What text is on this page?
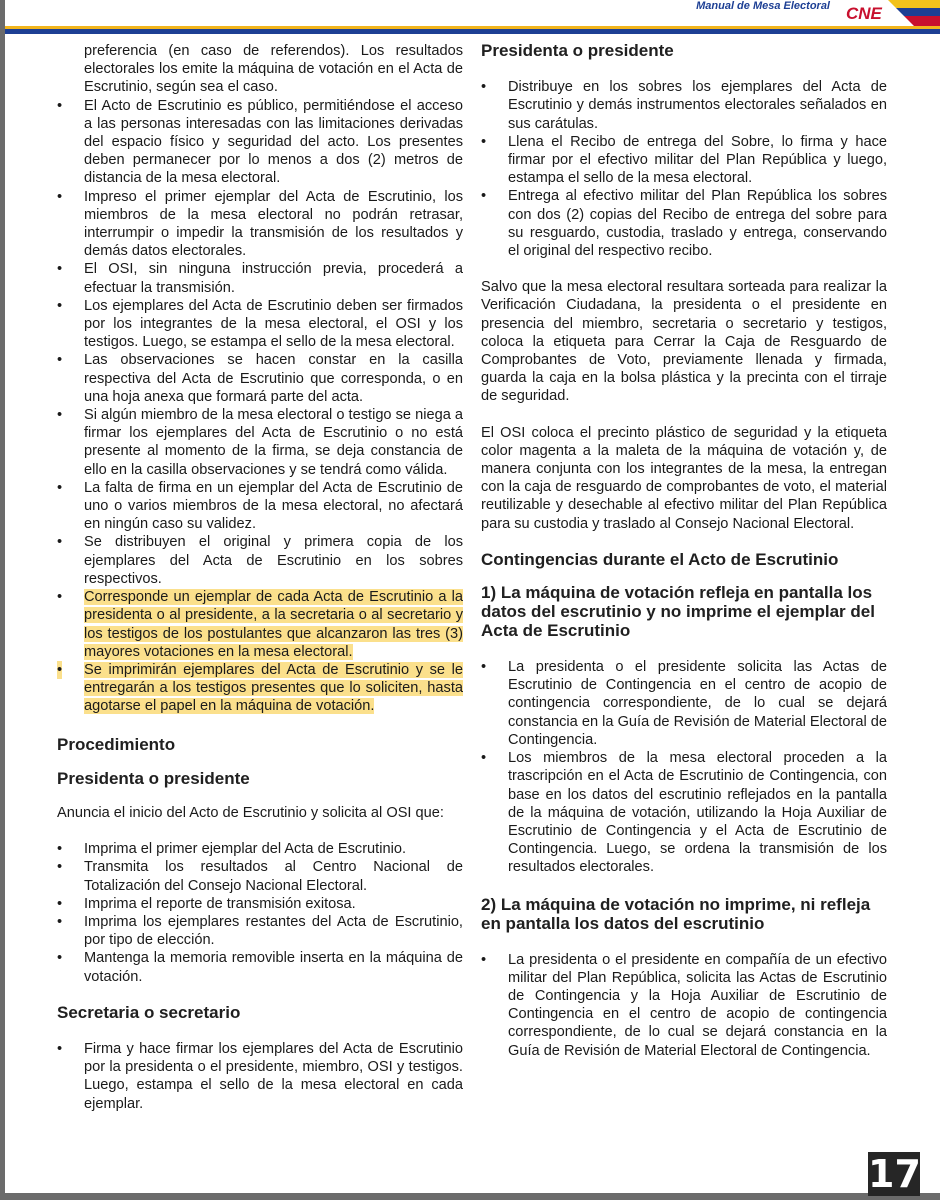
Manual de Mesa Electoral CNE

preferencia (en caso de referendos). Los resultados electorales los emite la máquina de votación en el Acta de Escrutinio, según sea el caso.

• El Acto de Escrutinio es público, permitiéndose el acceso a las personas interesadas con las limitaciones derivadas del espacio físico y seguridad del acto. Los presentes deben permanecer por lo menos a dos (2) metros de distancia de la mesa electoral.
• Impreso el primer ejemplar del Acta de Escrutinio, los miembros de la mesa electoral no podrán retrasar, interrumpir o impedir la transmisión de los resultados y demás datos electorales.
• El OSI, sin ninguna instrucción previa, procederá a efectuar la transmisión.
• Los ejemplares del Acta de Escrutinio deben ser firmados por los integrantes de la mesa electoral, el OSI y los testigos. Luego, se estampa el sello de la mesa electoral.
• Las observaciones se hacen constar en la casilla respectiva del Acta de Escrutinio que corresponda, o en una hoja anexa que formará parte del acta.
• Si algún miembro de la mesa electoral o testigo se niega a firmar los ejemplares del Acta de Escrutinio o no está presente al momento de la firma, se deja constancia de ello en la casilla observaciones y se tendrá como válida.
• La falta de firma en un ejemplar del Acta de Escrutinio de uno o varios miembros de la mesa electoral, no afectará en ningún caso su validez.
• Se distribuyen el original y primera copia de los ejemplares del Acta de Escrutinio en los sobres respectivos.
• Corresponde un ejemplar de cada Acta de Escrutinio a la presidenta o al presidente, a la secretaria o al secretario y los testigos de los postulantes que alcanzaron las tres (3) mayores votaciones en la mesa electoral.
• Se imprimirán ejemplares del Acta de Escrutinio y se le entregarán a los testigos presentes que lo soliciten, hasta agotarse el papel en la máquina de votación.
Procedimiento
Presidenta o presidente

Anuncia el inicio del Acto de Escrutinio y solicita al OSI que:

• Imprima el primer ejemplar del Acta de Escrutinio.
• Transmita los resultados al Centro Nacional de Totalización del Consejo Nacional Electoral.
• Imprima el reporte de transmisión exitosa.
• Imprima los ejemplares restantes del Acta de Escrutinio, por tipo de elección.
• Mantenga la memoria removible inserta en la máquina de votación.
Secretaria o secretario
• Firma y hace firmar los ejemplares del Acta de Escrutinio por la presidenta o el presidente, miembro, OSI y testigos. Luego, estampa el sello de la mesa electoral en cada ejemplar.
Presidenta o presidente
• Distribuye en los sobres los ejemplares del Acta de Escrutinio y demás instrumentos electorales señalados en sus carátulas.
• Llena el Recibo de entrega del Sobre, lo firma y hace firmar por el efectivo militar del Plan República y luego, estampa el sello de la mesa electoral.
• Entrega al efectivo militar del Plan República los sobres con dos (2) copias del Recibo de entrega del sobre para su resguardo, custodia, traslado y entrega, conservando el original del respectivo recibo.

Salvo que la mesa electoral resultara sorteada para realizar la Verificación Ciudadana, la presidenta o el presidente en presencia del miembro, secretaria o secretario y testigos, coloca la etiqueta para Cerrar la Caja de Resguardo de Comprobantes de Voto, previamente llenada y firmada, guarda la caja en la bolsa plástica y la precinta con el tirraje de seguridad.

El OSI coloca el precinto plástico de seguridad y la etiqueta color magenta a la maleta de la máquina de votación y, de manera conjunta con los integrantes de la mesa, la entregan con la caja de resguardo de comprobantes de voto, el material reutilizable y desechable al efectivo militar del Plan República para su custodia y traslado al Consejo Nacional Electoral.

Contingencias durante el Acto de Escrutinio
1) La máquina de votación refleja en pantalla los datos del escrutinio y no imprime el ejemplar del Acta de Escrutinio
• La presidenta o el presidente solicita las Actas de Escrutinio de Contingencia en el centro de acopio de contingencia correspondiente, de lo cual se dejará constancia en la Guía de Revisión de Material Electoral de Contingencia.
• Los miembros de la mesa electoral proceden a la trascripción en el Acta de Escrutinio de Contingencia, con base en los datos del escrutinio reflejados en la pantalla de la máquina de votación, utilizando la Hoja Auxiliar de Escrutinio de Contingencia y el Acta de Escrutinio de Contingencia. Luego, se ordena la transmisión de los resultados electorales.
2) La máquina de votación no imprime, ni refleja en pantalla los datos del escrutinio
• La presidenta o el presidente en compañía de un efectivo militar del Plan República, solicita las Actas de Escrutinio de Contingencia y la Hoja Auxiliar de Escrutinio de Contingencia en el centro de acopio de contingencia correspondiente, de lo cual se dejará constancia en la Guía de Revisión de Material Electoral de Contingencia.
17
